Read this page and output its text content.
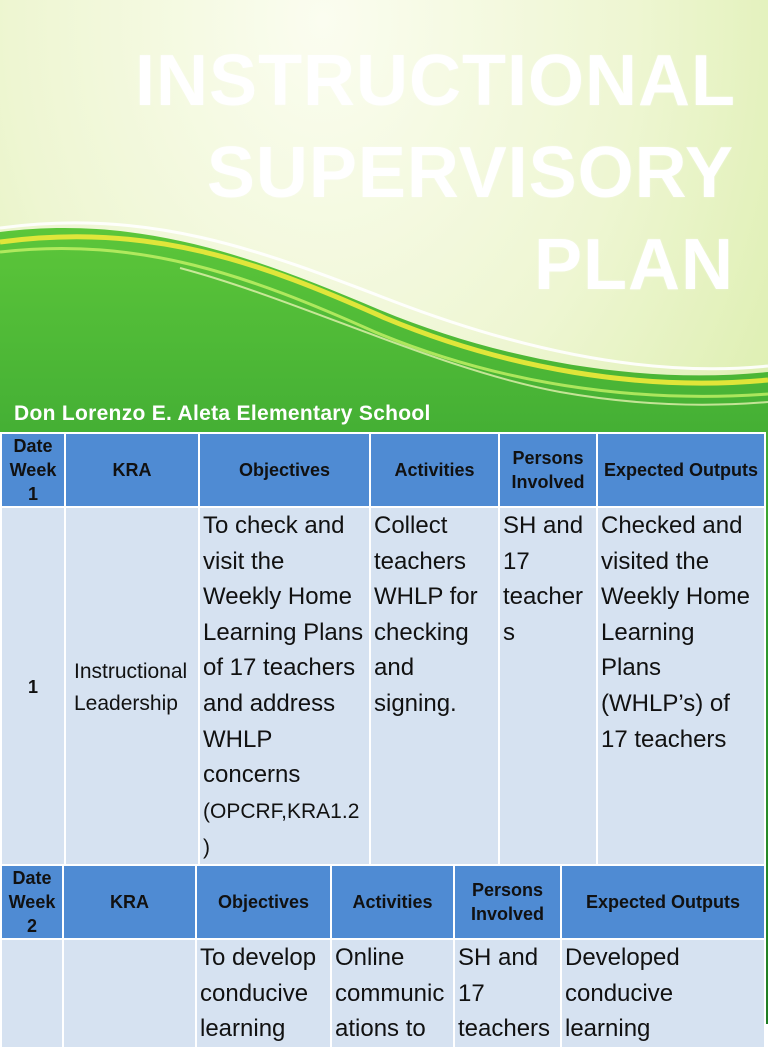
INSTRUCTIONAL
SUPERVISORY
PLAN
Don Lorenzo E. Aleta Elementary School
Date
Week 1	KRA	Objectives	Activities	Persons Involved	Expected Outputs
1	Instructional Leadership	To check and visit the Weekly Home Learning Plans of 17 teachers and address WHLP concerns (OPCRF,KRA1.2 )	Collect teachers WHLP for checking and signing.	SH and 17 teacher s	Checked and visited the Weekly Home Learning Plans (WHLP’s) of 17 teachers
Date
Week 2	KRA	Objectives	Activities	Persons Involved	Expected Outputs
		To develop conducive learning	Online communic ations to	SH and 17 teachers	Developed conducive learning
